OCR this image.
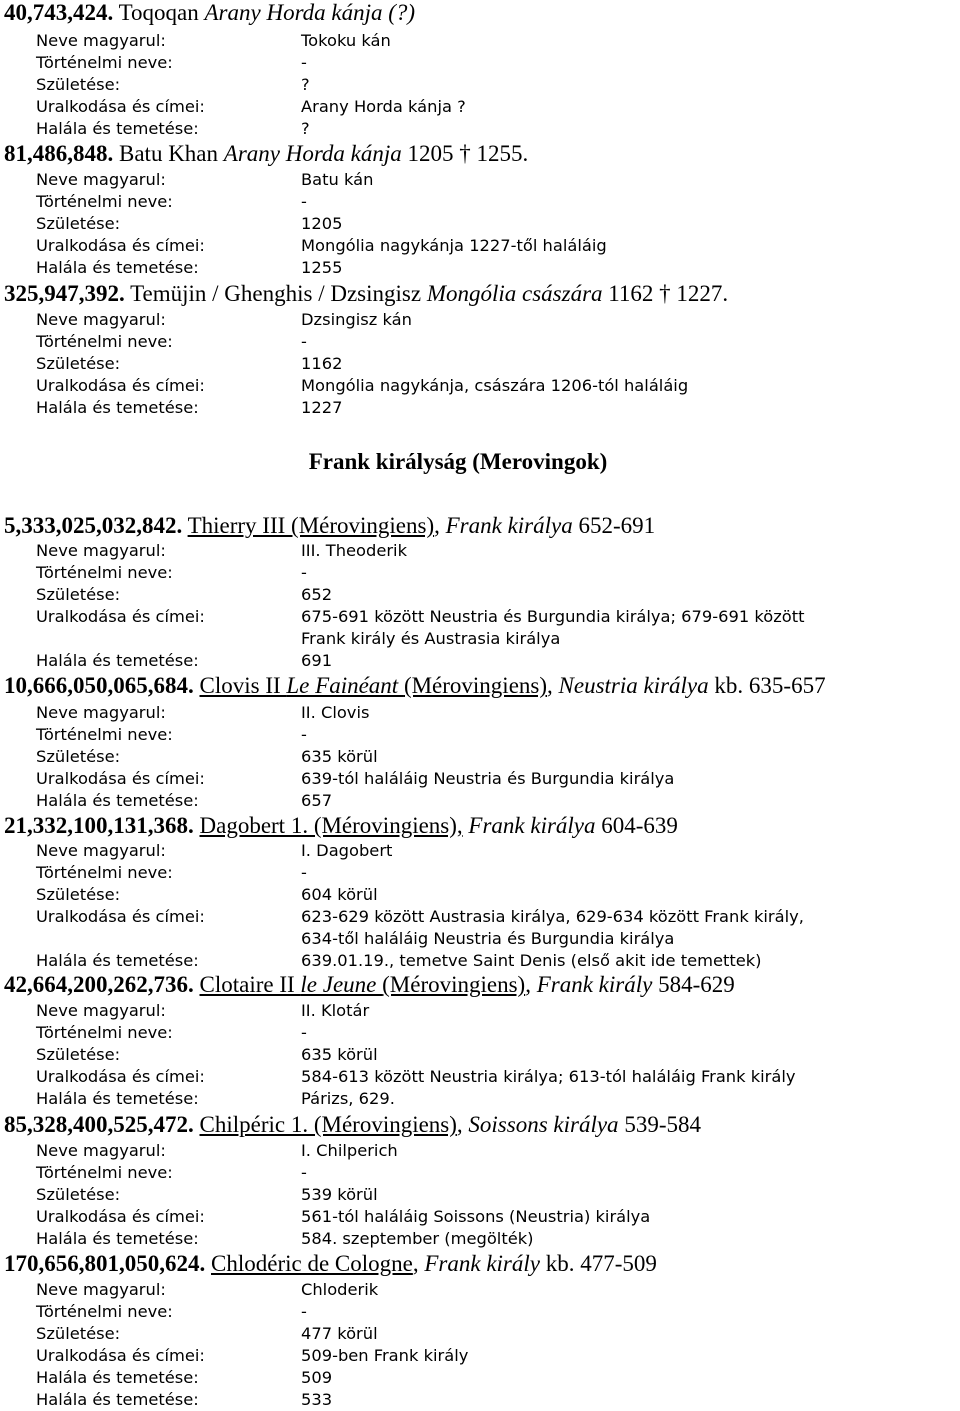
40,743,424. Toqoqan Arany Horda kánja (?)
Neve magyarul:	Tokoku kán
Történelmi neve:	-
Születése:	?
Uralkodása és címei:	Arany Horda kánja ?
Halála és temetése:	?
81,486,848. Batu Khan Arany Horda kánja 1205 † 1255.
Neve magyarul:	Batu kán
Történelmi neve:	-
Születése:	1205
Uralkodása és címei:	Mongólia nagykánja 1227-től haláláig
Halála és temetése:	1255
325,947,392. Temüjin / Ghenghis / Dzsingisz Mongólia császára 1162 † 1227.
Neve magyarul:	Dzsingisz kán
Történelmi neve:	-
Születése:	1162
Uralkodása és címei:	Mongólia nagykánja, császára 1206-tól haláláig
Halála és temetése:	1227
Frank királyság (Merovingok)
5,333,025,032,842. Thierry III (Mérovingiens), Frank királya 652-691
Neve magyarul:	III. Theoderik
Történelmi neve:	-
Születése:	652
Uralkodása és címei:	675-691 között Neustria és Burgundia királya; 679-691 között
Frank király és Austrasia királya
Halála és temetése:	691
10,666,050,065,684. Clovis II Le Fainéant (Mérovingiens), Neustria királya kb. 635-657
Neve magyarul:	II. Clovis
Történelmi neve:	-
Születése:	635 körül
Uralkodása és címei:	639-tól haláláig Neustria és Burgundia királya
Halála és temetése:	657
21,332,100,131,368. Dagobert 1. (Mérovingiens), Frank királya 604-639
Neve magyarul:	I. Dagobert
Történelmi neve:	-
Születése:	604 körül
Uralkodása és címei:	623-629 között Austrasia királya, 629-634 között Frank király,
634-től haláláig Neustria és Burgundia királya
Halála és temetése:	639.01.19., temetve Saint Denis (első akit ide temettek)
42,664,200,262,736. Clotaire II le Jeune (Mérovingiens), Frank király 584-629
Neve magyarul:	II. Klotár
Történelmi neve:	-
Születése:	635 körül
Uralkodása és címei:	584-613 között Neustria királya; 613-tól haláláig Frank király
Halála és temetése:	Párizs, 629.
85,328,400,525,472. Chilpéric 1. (Mérovingiens), Soissons királya 539-584
Neve magyarul:	I. Chilperich
Történelmi neve:	-
Születése:	539 körül
Uralkodása és címei:	561-tól haláláig Soissons (Neustria) királya
Halála és temetése:	584. szeptember (megölték)
170,656,801,050,624. Chlodéric de Cologne, Frank király kb. 477-509
Neve magyarul:	Chloderik
Történelmi neve:	-
Születése:	477 körül
Uralkodása és címei:	509-ben Frank király
Halála és temetése:	509
Halála és temetése:	533
